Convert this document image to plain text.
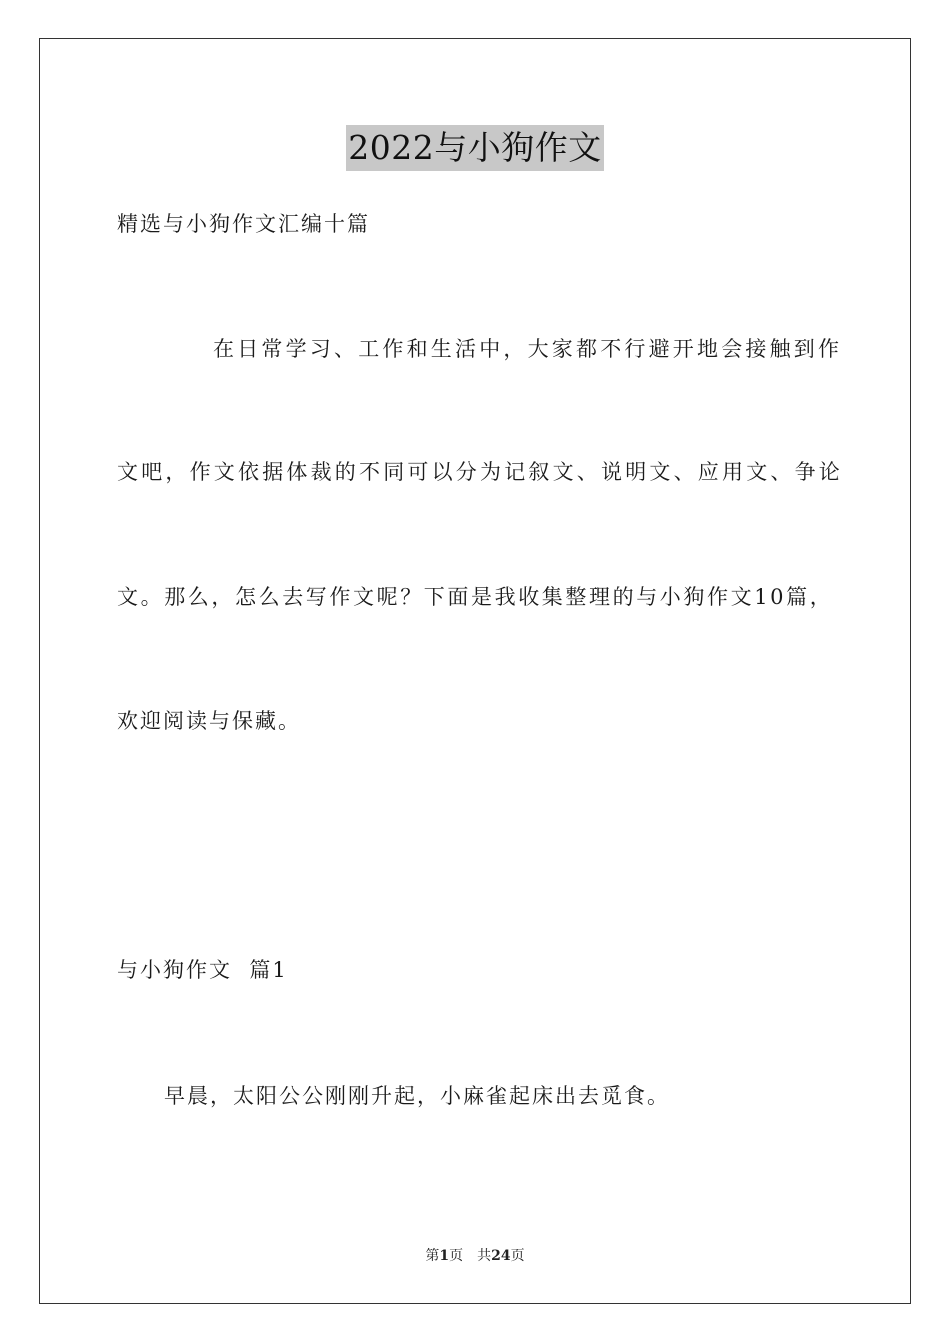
2022与小狗作文
精选与小狗作文汇编十篇
在日常学习、工作和生活中，大家都不行避开地会接触到作
文吧，作文依据体裁的不同可以分为记叙文、说明文、应用文、争论
文。那么，怎么去写作文呢？下面是我收集整理的与小狗作文10篇，
欢迎阅读与保藏。
与小狗作文  篇1
早晨，太阳公公刚刚升起，小麻雀起床出去觅食。
第1页 共24页
